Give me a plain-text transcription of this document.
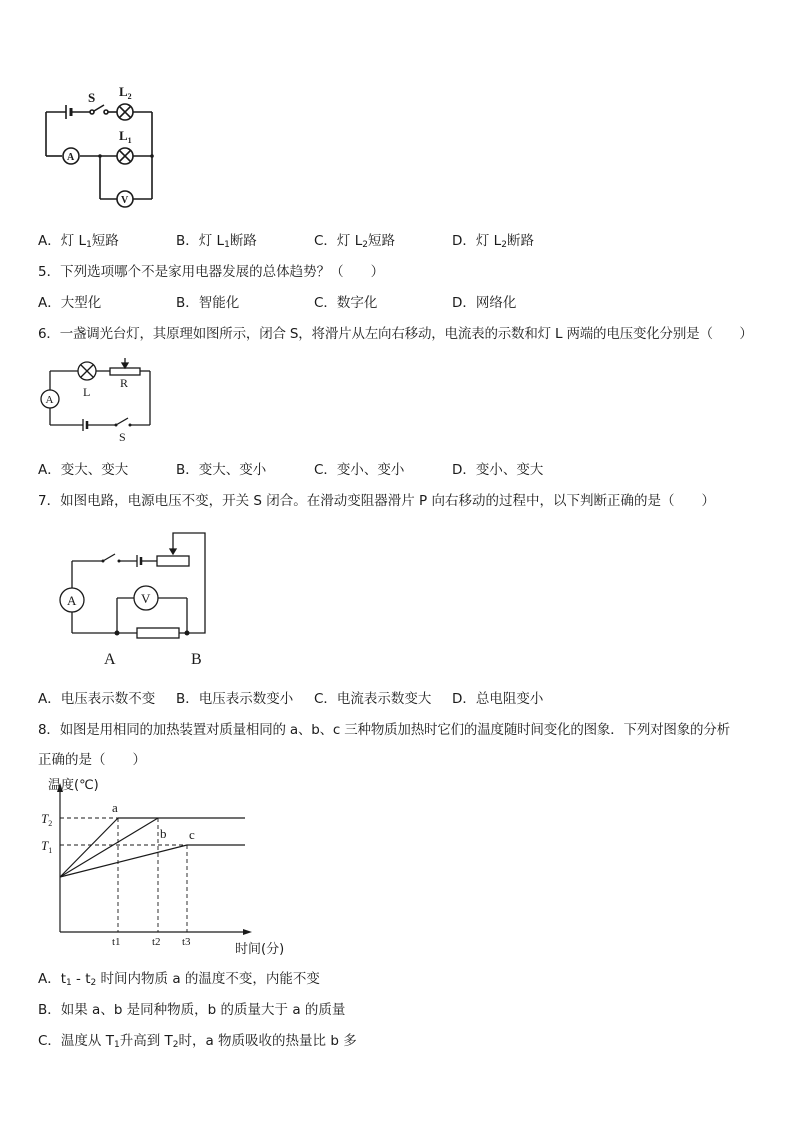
S $L_2$
$L_1$
A
V
A．灯 $L_1$短路	B．灯 $L_1$断路	C．灯 $L_2$短路	D．灯 $L_2$断路
5．下列选项哪个不是家用电器发展的总体趋势？（　　）
A．大型化	B．智能化	C．数字化	D．网络化
6．一盏调光台灯，其原理如图所示，闭合 S，将滑片从左向右移动，电流表的示数和灯 L 两端的电压变化分别是（　　）
A
L
R
S
A．变大、变大	B．变大、变小	C．变小、变小	D．变小、变大
7．如图电路，电源电压不变，开关 S 闭合。在滑动变阻器滑片 P 向右移动的过程中，以下判断正确的是（　　）
A	V
A	B
A．电压表示数不变 B．电压表示数变小 C．电流表示数变大 D．总电阻变小
8．如图是用相同的加热装置对质量相同的 a、b、c 三种物质加热时它们的温度随时间变化的图象．下列对图象的分析
正确的是（　　）
温度(℃)
时间(分)
$T_2$
$T_1$
a
b c
t1	t2 t3
A．$t_1 - t_2$ 时间内物质 a 的温度不变，内能不变
B．如果 a、b 是同种物质，b 的质量大于 a 的质量
C．温度从 $T_1$升高到 $T_2$时，a 物质吸收的热量比 b 多
